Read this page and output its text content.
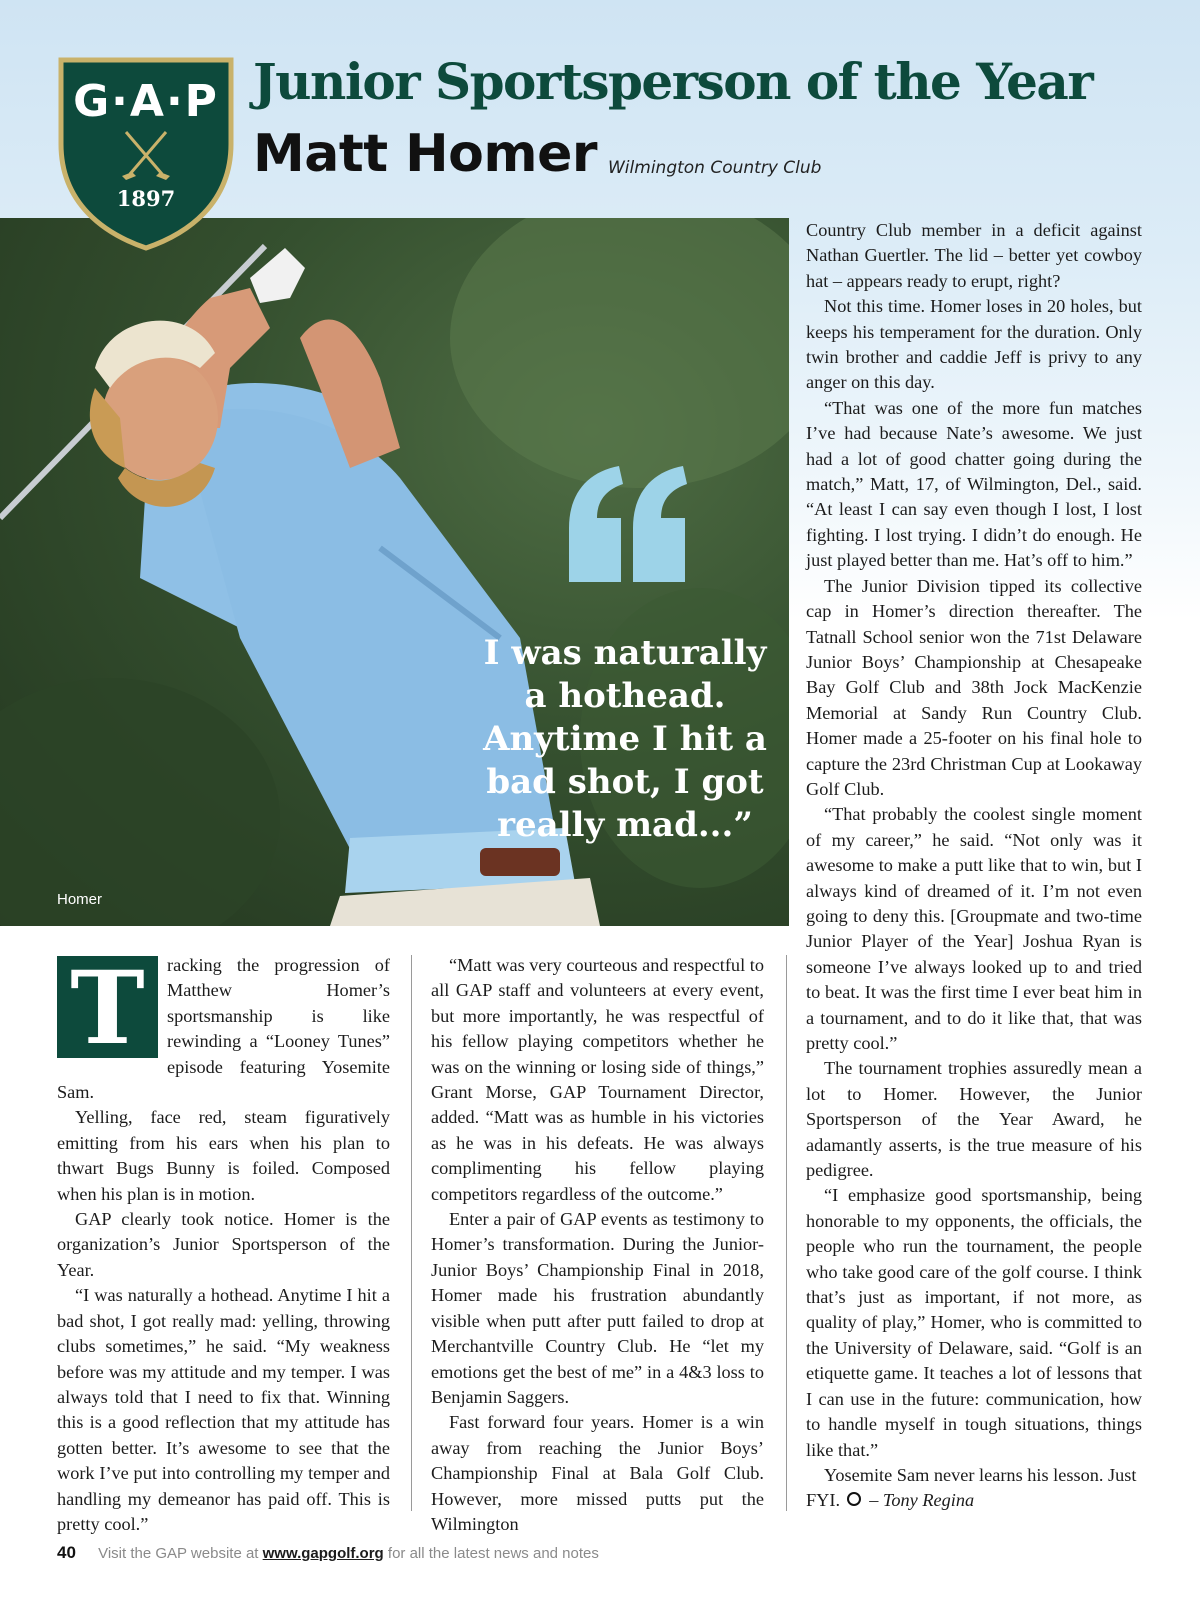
G·A·P
1897
Junior Sportsperson of the Year
Matt Homer Wilmington Country Club
I was naturally a hothead. Anytime I hit a bad shot, I got really mad...”
Homer
T	racking the progression of Matthew Homer’s sportsmanship is like rewinding a “Looney Tunes” episode featuring Yosemite Sam.

Yelling, face red, steam figuratively emitting from his ears when his plan to thwart Bugs Bunny is foiled. Composed when his plan is in motion.

GAP clearly took notice. Homer is the organization’s Junior Sportsperson of the Year.

“I was naturally a hothead. Anytime I hit a bad shot, I got really mad: yelling, throwing clubs sometimes,” he said. “My weakness before was my attitude and my temper. I was always told that I need to fix that. Winning this is a good reflection that my attitude has gotten better. It’s awesome to see that the work I’ve put into controlling my temper and handling my demeanor has paid off. This is pretty cool.”

“Matt was very courteous and respectful to all GAP staff and volunteers at every event, but more importantly, he was respectful of his fellow playing competitors whether he was on the winning or losing side of things,” Grant Morse, GAP Tournament Director, added. “Matt was as humble in his victories as he was in his defeats. He was always complimenting his fellow playing competitors regardless of the outcome.”

Enter a pair of GAP events as testimony to Homer’s transformation. During the Junior-Junior Boys’ Championship Final in 2018, Homer made his frustration abundantly visible when putt after putt failed to drop at Merchantville Country Club. He “let my emotions get the best of me” in a 4&3 loss to Benjamin Saggers.

Fast forward four years. Homer is a win away from reaching the Junior Boys’ Championship Final at Bala Golf Club. However, more missed putts put the Wilmington

Country Club member in a deficit against Nathan Guertler. The lid – better yet cowboy hat – appears ready to erupt, right?

Not this time. Homer loses in 20 holes, but keeps his temperament for the duration. Only twin brother and caddie Jeff is privy to any anger on this day.

“That was one of the more fun matches I’ve had because Nate’s awesome. We just had a lot of good chatter going during the match,” Matt, 17, of Wilmington, Del., said. “At least I can say even though I lost, I lost fighting. I lost trying. I didn’t do enough. He just played better than me. Hat’s off to him.”

The Junior Division tipped its collective cap in Homer’s direction thereafter. The Tatnall School senior won the 71st Delaware Junior Boys’ Championship at Chesapeake Bay Golf Club and 38th Jock MacKenzie Memorial at Sandy Run Country Club. Homer made a 25-footer on his final hole to capture the 23rd Christman Cup at Lookaway Golf Club.

“That probably the coolest single moment of my career,” he said. “Not only was it awesome to make a putt like that to win, but I always kind of dreamed of it. I’m not even going to deny this. [Groupmate and two-time Junior Player of the Year] Joshua Ryan is someone I’ve always looked up to and tried to beat. It was the first time I ever beat him in a tournament, and to do it like that, that was pretty cool.”

The tournament trophies assuredly mean a lot to Homer. However, the Junior Sportsperson of the Year Award, he adamantly asserts, is the true measure of his pedigree.

“I emphasize good sportsmanship, being honorable to my opponents, the officials, the people who run the tournament, the people who take good care of the golf course. I think that’s just as important, if not more, as quality of play,” Homer, who is committed to the University of Delaware, said. “Golf is an etiquette game. It teaches a lot of lessons that I can use in the future: communication, how to handle myself in tough situations, things like that.”

Yosemite Sam never learns his lesson. Just FYI. – Tony Regina

40 Visit the GAP website at www.gapgolf.org for all the latest news and notes
